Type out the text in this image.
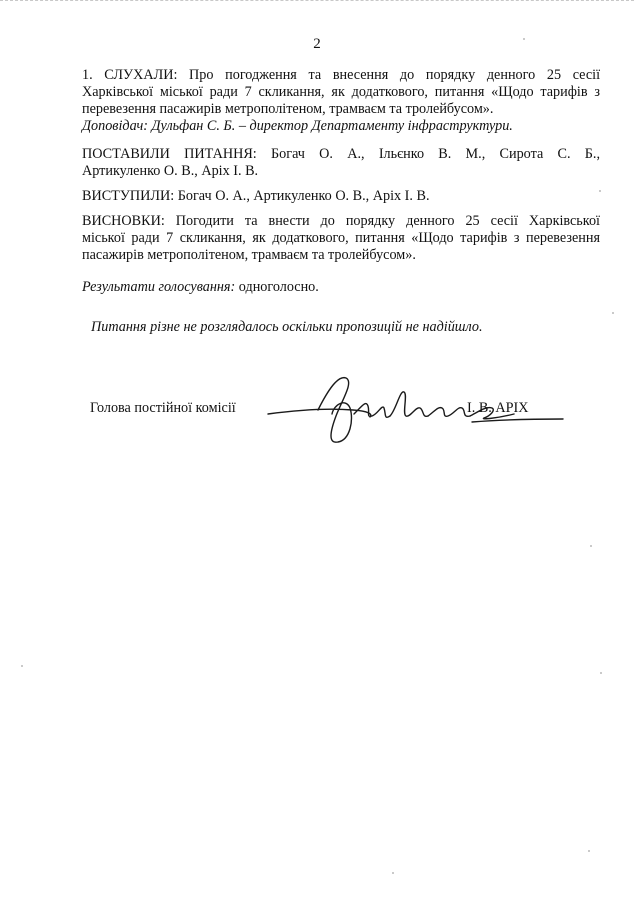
2
1. СЛУХАЛИ: Про погодження та внесення до порядку денного 25 сесії
Харківської міської ради 7 скликання, як додаткового, питання «Щодо тарифів з
перевезення пасажирів метрополітеном, трамваєм та тролейбусом».
Доповідач: Дульфан С. Б. – директор Департаменту інфраструктури.
ПОСТАВИЛИ ПИТАННЯ: Богач О. А., Ільєнко В. М., Сирота С. Б.,
Артикуленко О. В., Аріх І. В.
ВИСТУПИЛИ: Богач О. А., Артикуленко О. В., Аріх І. В.
ВИСНОВКИ: Погодити та внести до порядку денного 25 сесії Харківської
міської ради 7 скликання, як додаткового, питання «Щодо тарифів з перевезення
пасажирів метрополітеном, трамваєм та тролейбусом».
Результати голосування: одноголосно.
Питання різне не розглядалось оскільки пропозицій не надійшло.
Голова постійної комісії	І. В. АРІХ
